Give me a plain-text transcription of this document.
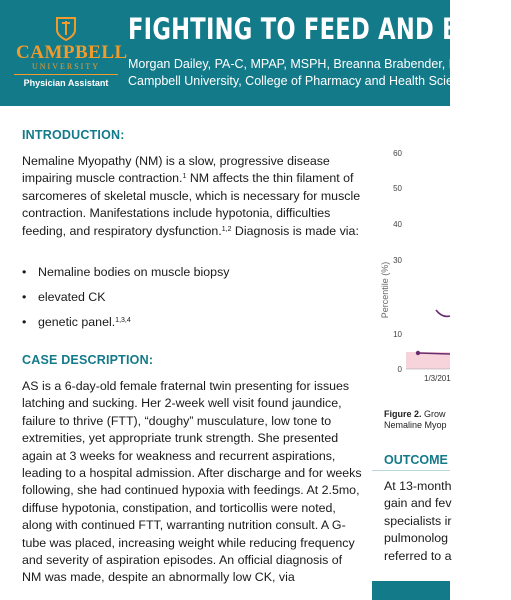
CAMPBELL
UNIVERSITY
Physician Assistant
FIGHTING TO FEED AND BREA
Morgan Dailey, PA-C, MPAP, MSPH, Breanna Brabender, P
Campbell University, College of Pharmacy and Health Scie
INTRODUCTION:

Nemaline Myopathy (NM) is a slow, progressive disease impairing muscle contraction.$^1$ NM affects the thin filament of sarcomeres of skeletal muscle, which is necessary for muscle contraction. Manifestations include hypotonia, difficulties feeding, and respiratory dysfunction.$^{1,2}$ Diagnosis is made via:

• Nemaline bodies on muscle biopsy
• elevated CK
• genetic panel.$^{1,3,4}$
CASE DESCRIPTION:

AS is a 6-day-old female fraternal twin presenting for issues latching and sucking. Her 2-week well visit found jaundice, failure to thrive (FTT), “doughy” musculature, low tone to extremities, yet appropriate trunk strength. She presented again at 3 weeks for weakness and recurrent aspirations, leading to a hospital admission. After discharge and for weeks following, she had continued hypoxia with feedings. At 2.5mo, diffuse hypotonia, constipation, and torticollis were noted, along with continued FTT, warranting nutrition consult. A G-tube was placed, increasing weight while reducing frequency and severity of aspiration episodes. An official diagnosis of NM was made, despite an abnormally low CK, via

Percentile (%)
60
50
40
30
10
0
1/3/201
Figure 2. Grow
Nemaline Myop
OUTCOME
At 13-month
gain and fev
specialists ir
pulmonolog
referred to a
